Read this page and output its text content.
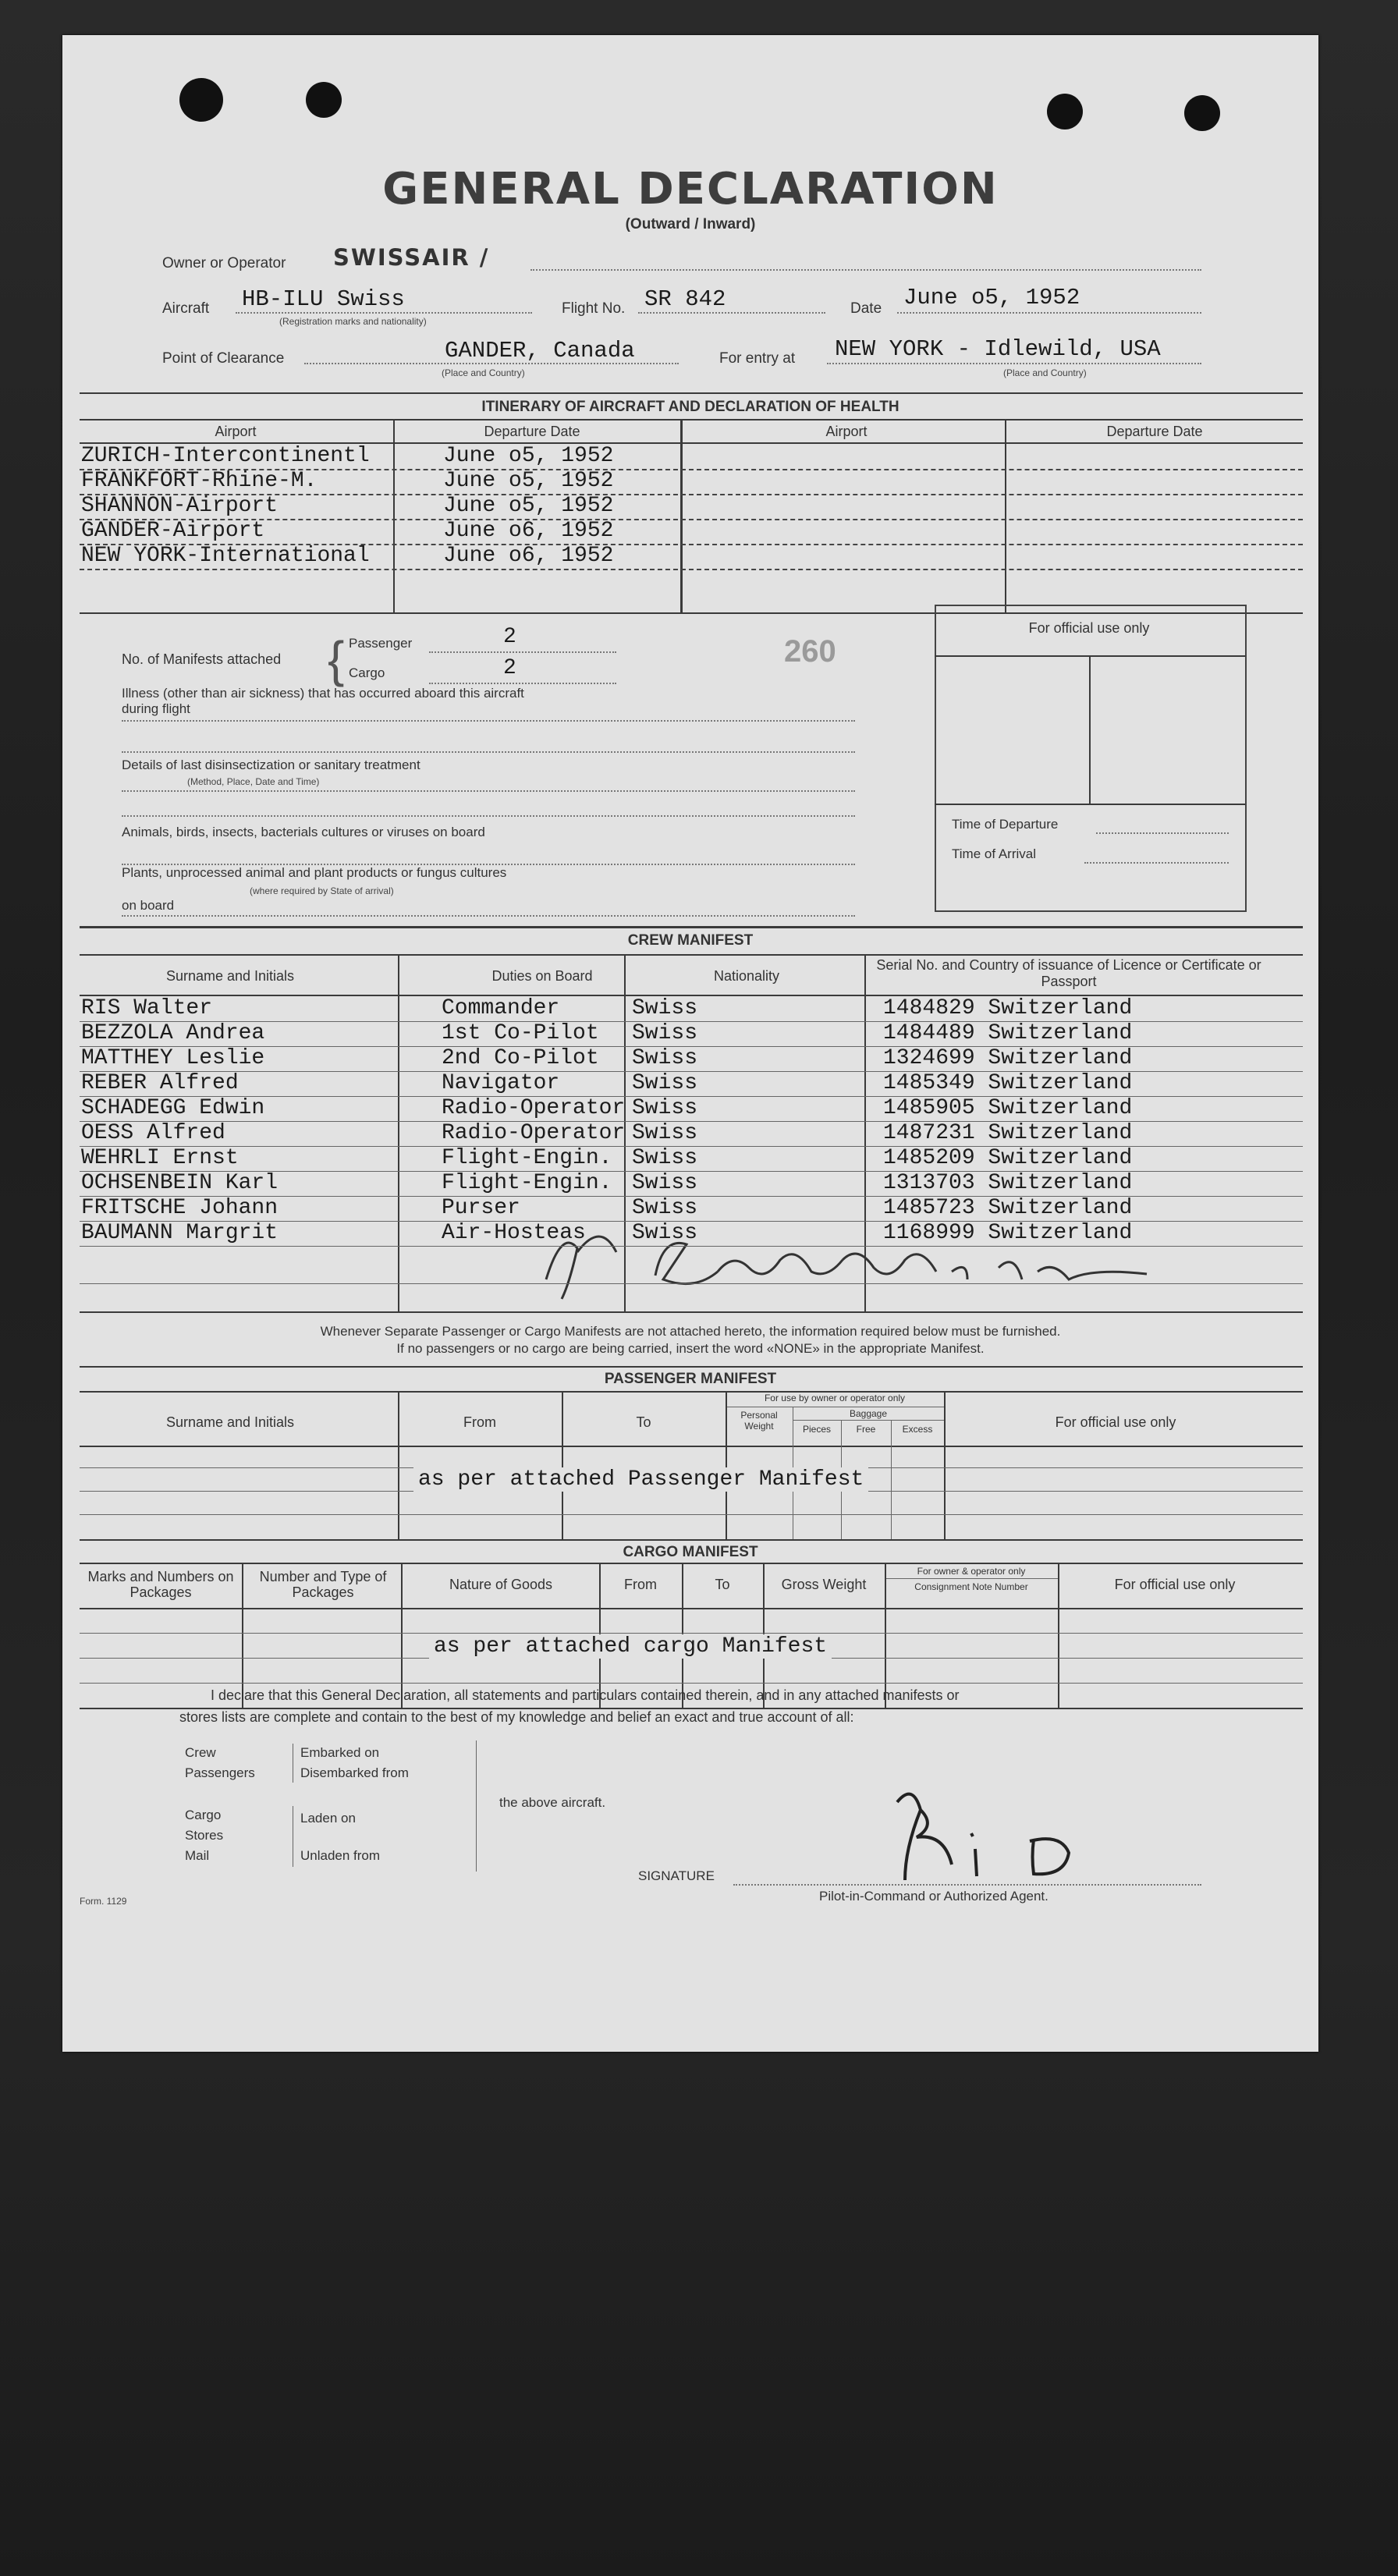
GENERAL DECLARATION
(Outward / Inward)
Owner or Operator SWISSAIR /
Aircraft HB-ILU Swiss
(Registration marks and nationality)
Flight No. SR 842	Date June o5, 1952
Point of Clearance	GANDER, Canada
(Place and Country)
For entry at NEW YORK - Idlewild, USA
(Place and Country)
ITINERARY OF AIRCRAFT AND DECLARATION OF HEALTH
Airport	Departure Date	Airport	Departure Date
ZURICH-Intercontinentl	June o5, 1952
FRANKFORT-Rhine-M.	June o5, 1952
SHANNON-Airport	June o5, 1952
GANDER-Airport	June o6, 1952
NEW YORK-International	June o6, 1952
No. of Manifests attached { Passenger	2
Cargo	2	260
Illness (other than air sickness) that has occurred aboard this aircraft during flight
Details of last disinsectization or sanitary treatment
(Method, Place, Date and Time)
Animals, birds, insects, bacterials cultures or viruses on board
Plants, unprocessed animal and plant products or fungus cultures
(where required by State of arrival)
on board
For official use only
Time of Departure
Time of Arrival
CREW MANIFEST
Surname and Initials	Duties on Board	Nationality
Serial No. and Country of issuance of Licence or Certificate or Passport
Whenever Separate Passenger or Cargo Manifests are not attached hereto, the information required below must be furnished.
If no passengers or no cargo are being carried, insert the word «NONE» in the appropriate Manifest.
PASSENGER MANIFEST
Surname and Initials	From	To
For use by owner or operator only
Personal Weight
Baggage
Pieces	Free	Excess	For official use only
as per attached Passenger Manifest
CARGO MANIFEST
Marks and Numbers on Packages
Number and Type of Packages	Nature of Goods	From	To	Gross Weight
For owner & operator only
Consignment Note Number	For official use only
as per attached cargo Manifest
I declare that this General Declaration, all statements and particulars contained therein, and in any attached manifests or
stores lists are complete and contain to the best of my knowledge and belief an exact and true account of all:
Crew
Passengers
Embarked on
Disembarked from
Cargo
Stores
Mail
Laden on
Unladen from
the above aircraft.
SIGNATURE
Pilot-in-Command or Authorized Agent.
Form. 1129
RIS Walter	Commander	Swiss	1484829 Switzerland
BEZZOLA Andrea	1st Co-Pilot Swiss	1484489 Switzerland
MATTHEY Leslie	2nd Co-Pilot Swiss	1324699 Switzerland
REBER Alfred	Navigator	Swiss	1485349 Switzerland
SCHADEGG Edwin	Radio-Operator Swiss	1485905 Switzerland
OESS Alfred	Radio-Operator Swiss	1487231 Switzerland
WEHRLI Ernst	Flight-Engin. Swiss	1485209 Switzerland
OCHSENBEIN Karl	Flight-Engin. Swiss	1313703 Switzerland
FRITSCHE Johann	Purser	Swiss	1485723 Switzerland
BAUMANN Margrit	Air-Hosteas Swiss	1168999 Switzerland
